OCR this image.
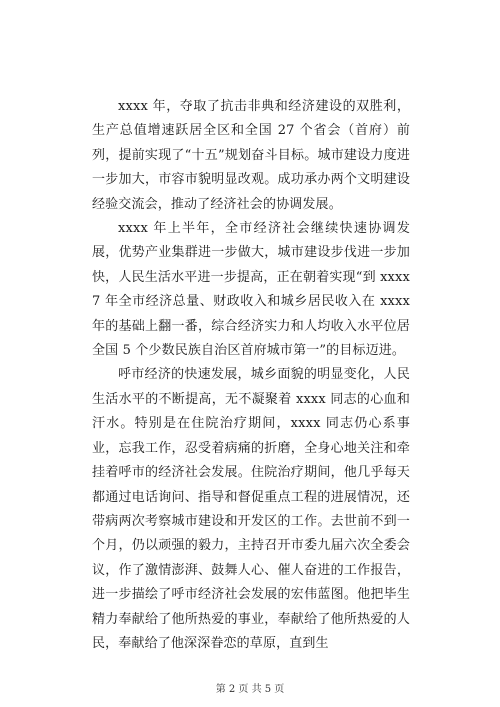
xxxx 年，夺取了抗击非典和经济建设的双胜利，生产总值增速跃居全区和全国 27 个省会（首府）前列，提前实现了“十五”规划奋斗目标。城市建设力度进一步加大，市容市貌明显改观。成功承办两个文明建设经验交流会，推动了经济社会的协调发展。

xxxx 年上半年，全市经济社会继续快速协调发展，优势产业集群进一步做大，城市建设步伐进一步加快，人民生活水平进一步提高，正在朝着实现“到 xxxx7 年全市经济总量、财政收入和城乡居民收入在 xxxx 年的基础上翻一番，综合经济实力和人均收入水平位居全国 5 个少数民族自治区首府城市第一”的目标迈进。

呼市经济的快速发展，城乡面貌的明显变化，人民生活水平的不断提高，无不凝聚着 xxxx 同志的心血和汗水。特别是在住院治疗期间，xxxx 同志仍心系事业，忘我工作，忍受着病痛的折磨，全身心地关注和牵挂着呼市的经济社会发展。住院治疗期间，他几乎每天都通过电话询问、指导和督促重点工程的进展情况，还带病两次考察城市建设和开发区的工作。去世前不到一个月，仍以顽强的毅力，主持召开市委九届六次全委会议，作了激情澎湃、鼓舞人心、催人奋进的工作报告，进一步描绘了呼市经济社会发展的宏伟蓝图。他把毕生精力奉献给了他所热爱的事业，奉献给了他所热爱的人民，奉献给了他深深眷恋的草原，直到生

第 2 页 共 5 页
